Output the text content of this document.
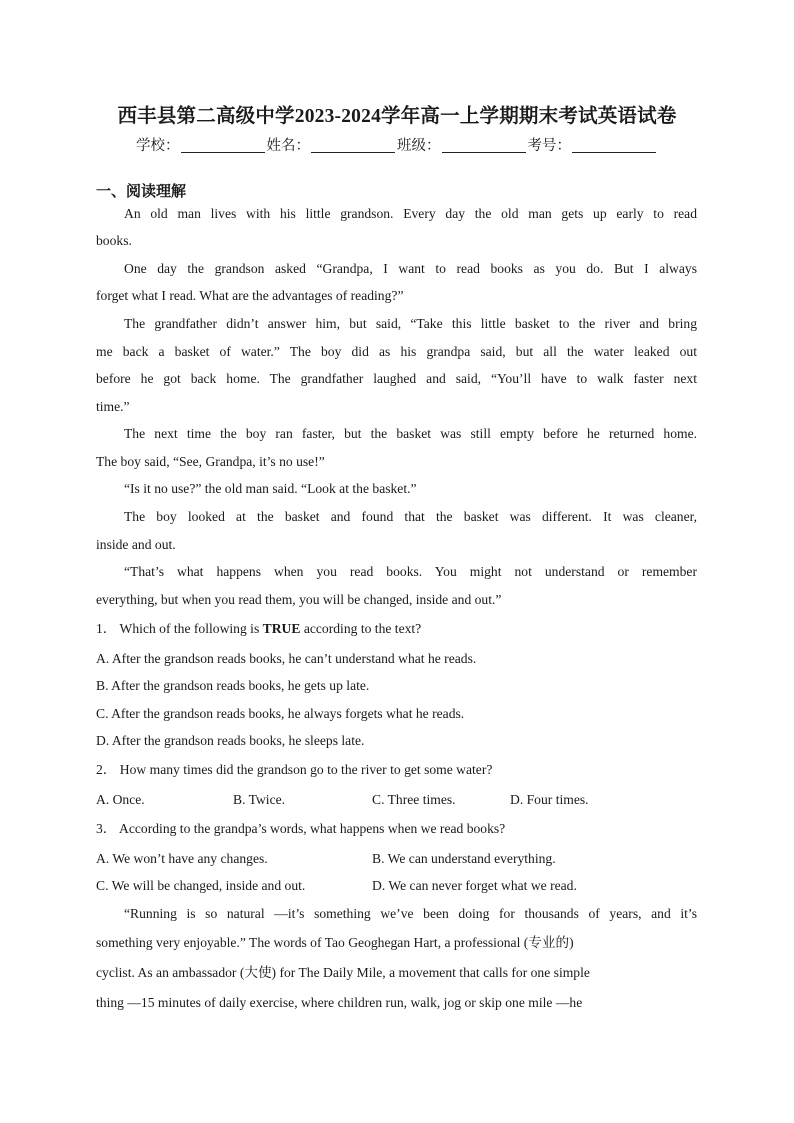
西丰县第二高级中学2023-2024学年高一上学期期末考试英语试卷
学校：	姓名：	班级：	考号：
一、阅读理解
An old man lives with his little grandson. Every day the old man gets up early to read
books.
One day the grandson asked “Grandpa, I want to read books as you do. But I always
forget what I read. What are the advantages of reading?”
The grandfather didn’t answer him, but said, “Take this little basket to the river and bring
me back a basket of water.” The boy did as his grandpa said, but all the water leaked out
before he got back home. The grandfather laughed and said, “You’ll have to walk faster next
time.”
The next time the boy ran faster, but the basket was still empty before he returned home.
The boy said, “See, Grandpa, it’s no use!”
“Is it no use?” the old man said. “Look at the basket.”
The boy looked at the basket and found that the basket was different. It was cleaner,
inside and out.
“That’s what happens when you read books. You might not understand or remember
everything, but when you read them, you will be changed, inside and out.”
1． Which of the following is TRUE according to the text?
A. After the grandson reads books, he can’t understand what he reads.
B. After the grandson reads books, he gets up late.
C. After the grandson reads books, he always forgets what he reads.
D. After the grandson reads books, he sleeps late.
2． How many times did the grandson go to the river to get some water?
A. Once.	B. Twice.	C. Three times.	D. Four times.
3． According to the grandpa’s words, what happens when we read books?
A. We won’t have any changes.	B. We can understand everything.
C. We will be changed, inside and out.	D. We can never forget what we read.
“Running is so natural —it’s something we’ve been doing for thousands of years, and it’s
something very enjoyable.” The words of Tao Geoghegan Hart, a professional (专业的)
cyclist. As an ambassador (大使) for The Daily Mile, a movement that calls for one simple
thing —15 minutes of daily exercise, where children run, walk, jog or skip one mile —he
